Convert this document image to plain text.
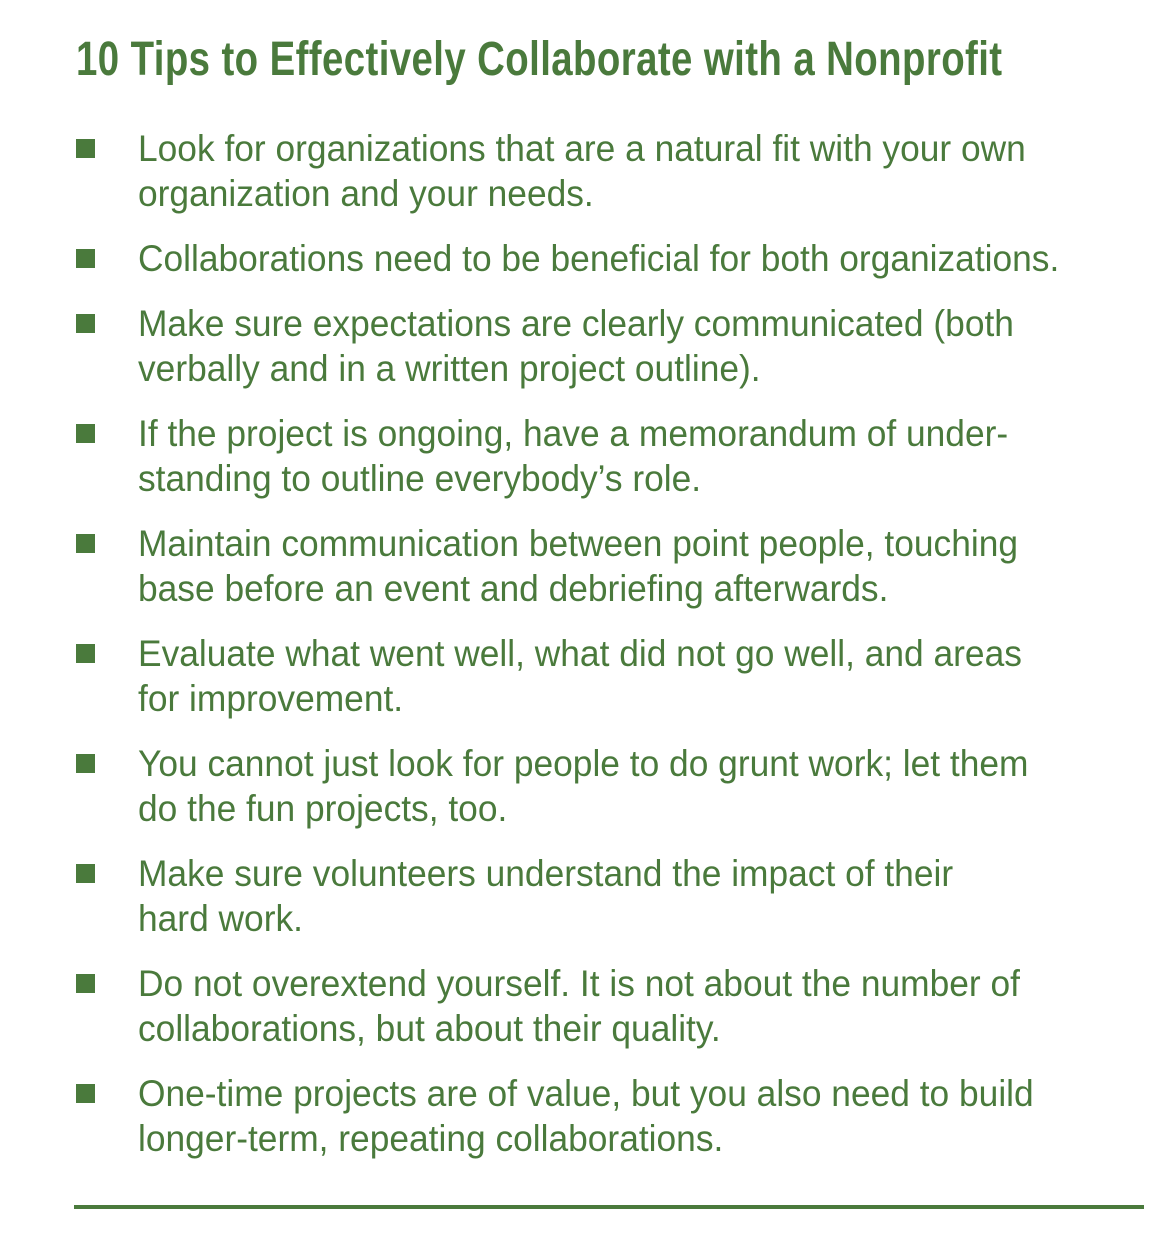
10 Tips to Effectively Collaborate with a Nonprofit
Look for organizations that are a natural fit with your own
organization and your needs.
Collaborations need to be beneficial for both organizations.
Make sure expectations are clearly communicated (both
verbally and in a written project outline).
If the project is ongoing, have a memorandum of under-
standing to outline everybody’s role.
Maintain communication between point people, touching
base before an event and debriefing afterwards.
Evaluate what went well, what did not go well, and areas
for improvement.
You cannot just look for people to do grunt work; let them
do the fun projects, too.
Make sure volunteers understand the impact of their
hard work.
Do not overextend yourself. It is not about the number of
collaborations, but about their quality.
One-time projects are of value, but you also need to build
longer-term, repeating collaborations.
